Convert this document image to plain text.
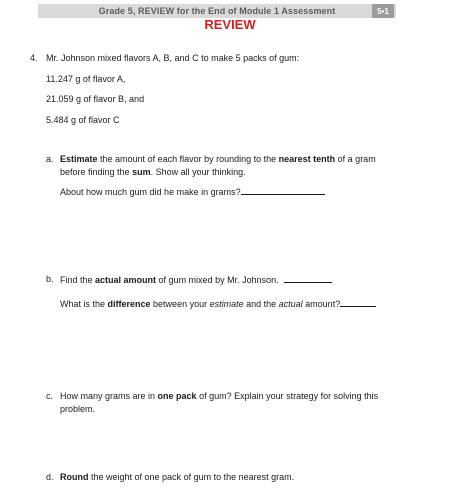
Grade 5, REVIEW for the End of Module 1 Assessment	5•1
REVIEW
4. Mr. Johnson mixed flavors A, B, and C to make 5 packs of gum:
11.247 g of flavor A,
21.059 g of flavor B, and
5.484 g of flavor C
a. Estimate the amount of each flavor by rounding to the nearest tenth of a gram
before finding the sum. Show all your thinking.
About how much gum did he make in grams?
b. Find the actual amount of gum mixed by Mr. Johnson.
What is the difference between your estimate and the actual amount?
c. How many grams are in one pack of gum? Explain your strategy for solving this
problem.
d. Round the weight of one pack of gum to the nearest gram.
